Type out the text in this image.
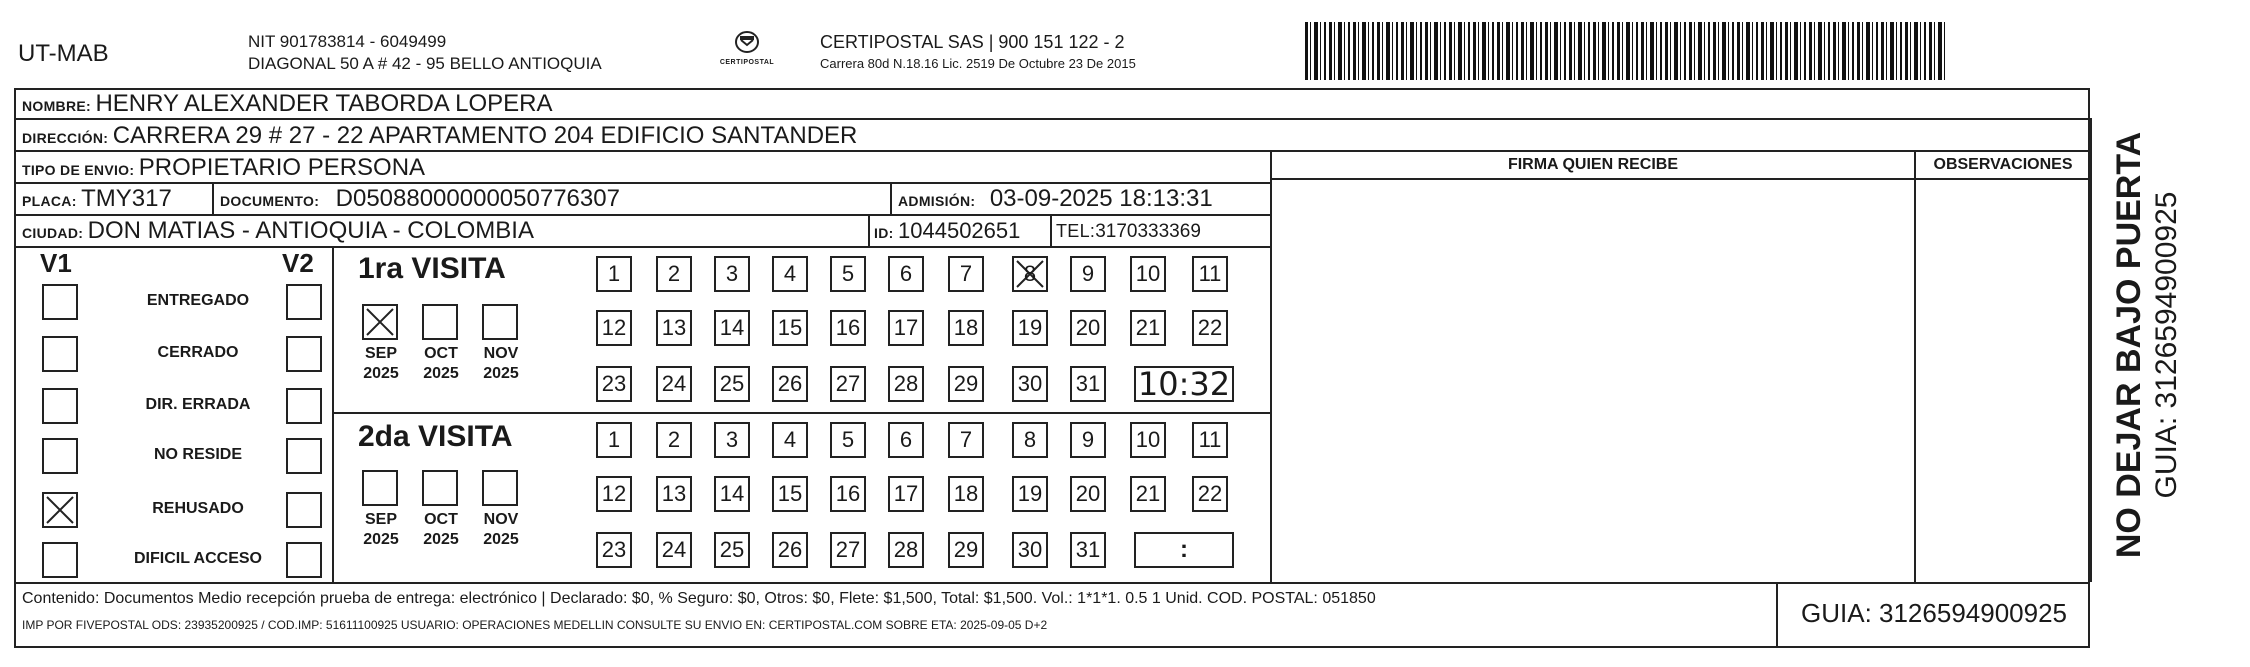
UT-MAB	NIT 901783814 - 6049499
DIAGONAL 50 A # 42 - 95 BELLO ANTIOQUIA	CERTIPOSTAL
CERTIPOSTAL SAS | 900 151 122 - 2
Carrera 80d N.18.16 Lic. 2519 De Octubre 23 De 2015
NOMBRE: HENRY ALEXANDER TABORDA LOPERA
DIRECCIÓN: CARRERA 29 # 27 - 22 APARTAMENTO 204 EDIFICIO SANTANDER
TIPO DE ENVIO: PROPIETARIO PERSONA	FIRMA QUIEN RECIBE	OBSERVACIONES
PLACA: TMY317	DOCUMENTO: D05088000000050776307	ADMISIÓN: 03-09-2025 18:13:31
CIUDAD: DON MATIAS - ANTIOQUIA - COLOMBIA	ID: 1044502651 TEL:3170333369
V1	V2 1ra VISITA
2da VISITA
Contenido: Documentos Medio recepción prueba de entrega: electrónico | Declarado: $0, % Seguro: $0, Otros: $0, Flete: $1,500, Total: $1,500. Vol.: 1*1*1. 0.5 1 Unid. COD. POSTAL: 051850
IMP POR FIVEPOSTAL ODS: 23935200925 / COD.IMP: 51611100925 USUARIO: OPERACIONES MEDELLIN CONSULTE SU ENVIO EN: CERTIPOSTAL.COM SOBRE ETA: 2025-09-05 D+2	GUIA: 3126594900925
NO DEJAR BAJO PUERTA GUIA: 3126594900925
ENTREGADO
CERRADO
DIR. ERRADA
NO RESIDE
REHUSADO
DIFICIL ACCESO
SEP
2025
OCT
2025
NOV
2025
1	2	3	4	5	6	7	8	9	10 11
12 13 14 15 16 17 18 19 20 21 22
23 24 25 26 27 28 29 30 31 10:32
SEP
2025
OCT
2025
NOV
2025
1	2	3	4	5	6	7	8	9	10 11
12 13 14 15 16 17 18 19 20 21 22
23 24 25 26 27 28 29 30 31	:
